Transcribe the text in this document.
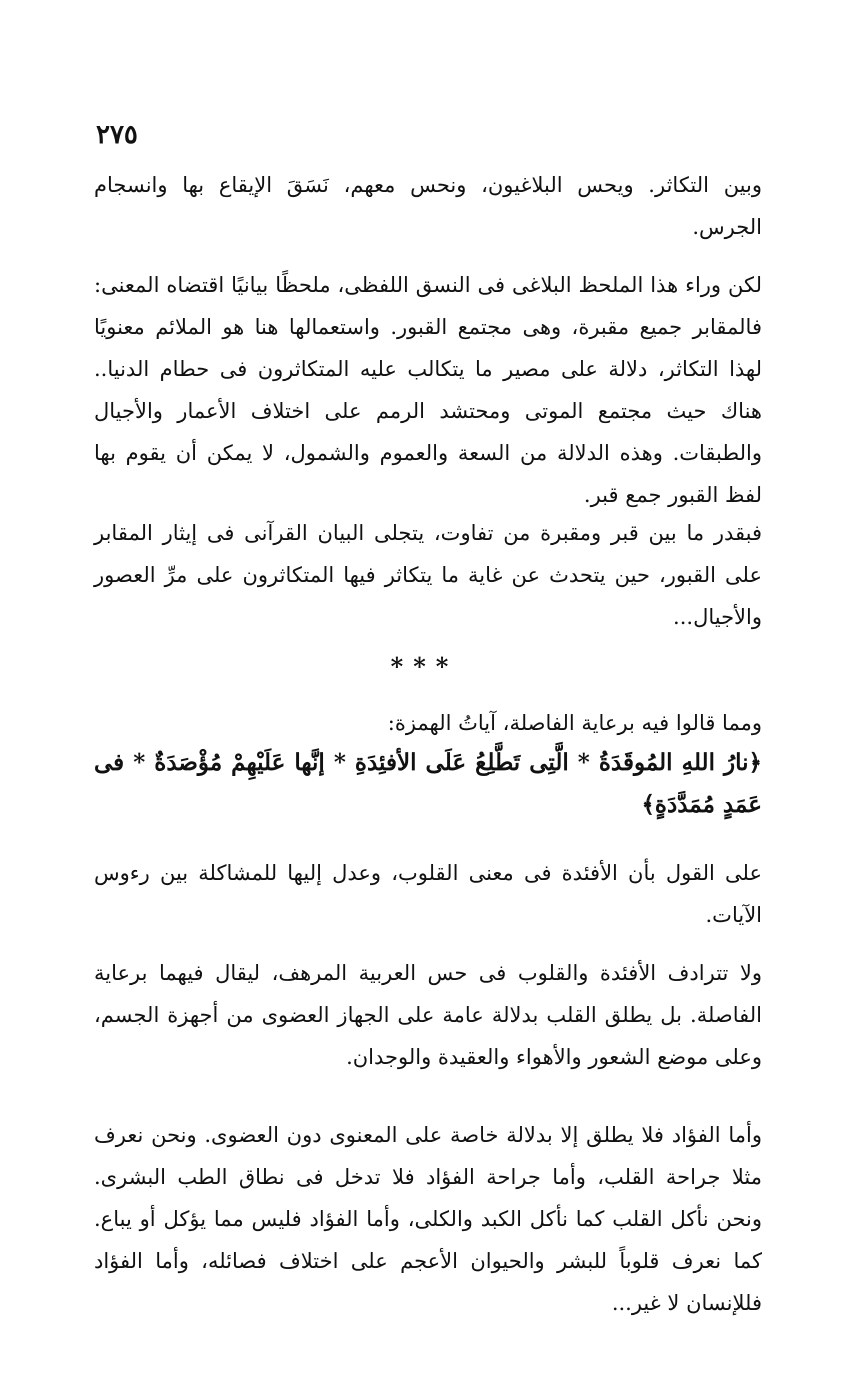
٢٧٥

وبين التكاثر. ويحس البلاغيون، ونحس معهم، نَسَقَ الإيقاع بها وانسجام الجرس.

لكن وراء هذا الملحظ البلاغى فى النسق اللفظى، ملحظًا بيانيًا اقتضاه المعنى: فالمقابر جميع مقبرة، وهى مجتمع القبور. واستعمالها هنا هو الملائم معنويًا لهذا التكاثر، دلالة على مصير ما يتكالب عليه المتكاثرون فى حطام الدنيا.. هناك حيث مجتمع الموتى ومحتشد الرمم على اختلاف الأعمار والأجيال والطبقات. وهذه الدلالة من السعة والعموم والشمول، لا يمكن أن يقوم بها لفظ القبور جمع قبر.

فبقدر ما بين قبر ومقبرة من تفاوت، يتجلى البيان القرآنى فى إيثار المقابر على القبور، حين يتحدث عن غاية ما يتكاثر فيها المتكاثرون على مرِّ العصور والأجيال...

***

ومما قالوا فيه برعاية الفاصلة، آياتُ الهمزة:

﴿نارُ اللهِ المُوقَدَةُ * الَّتِى تَطَّلِعُ عَلَى الأفئِدَةِ * إنَّها عَلَيْهِمْ مُؤْصَدَةٌ * فى عَمَدٍ مُمَدَّدَةٍ﴾

على القول بأن الأفئدة فى معنى القلوب، وعدل إليها للمشاكلة بين رءوس الآيات.

ولا تترادف الأفئدة والقلوب فى حس العربية المرهف، ليقال فيهما برعاية الفاصلة. بل يطلق القلب بدلالة عامة على الجهاز العضوى من أجهزة الجسم، وعلى موضع الشعور والأهواء والعقيدة والوجدان.

وأما الفؤاد فلا يطلق إلا بدلالة خاصة على المعنوى دون العضوى. ونحن نعرف مثلا جراحة القلب، وأما جراحة الفؤاد فلا تدخل فى نطاق الطب البشرى. ونحن نأكل القلب كما نأكل الكبد والكلى، وأما الفؤاد فليس مما يؤكل أو يباع. كما نعرف قلوباً للبشر والحيوان الأعجم على اختلاف فصائله، وأما الفؤاد فللإنسان لا غير...
